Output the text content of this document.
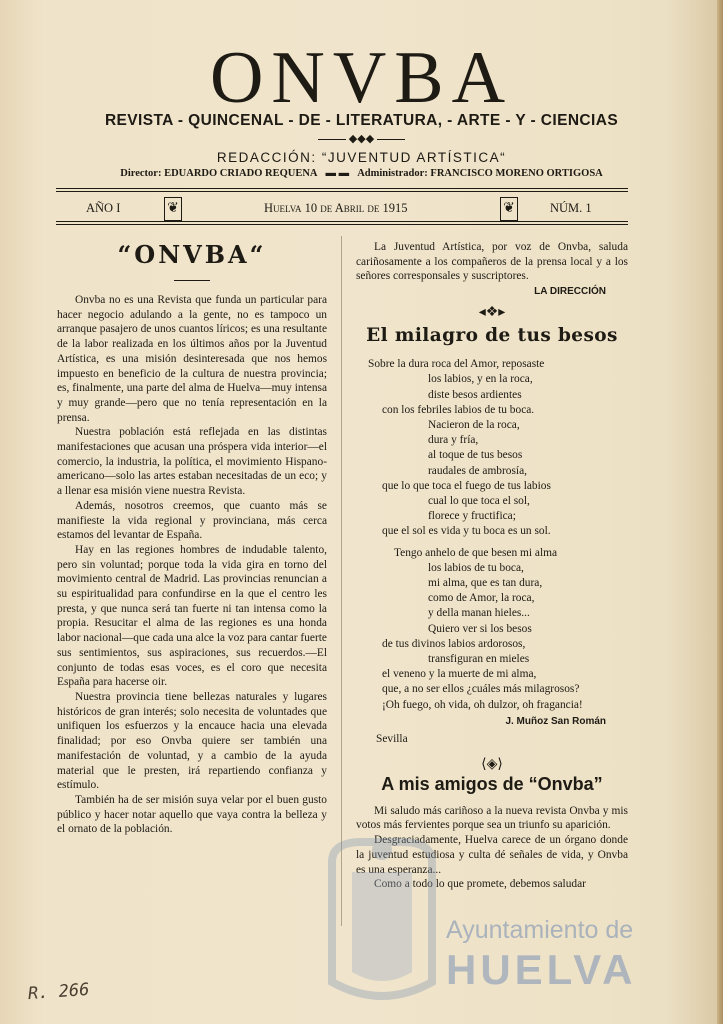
ONVBA
REVISTA - QUINCENAL - DE - LITERATURA, - ARTE - Y - CIENCIAS
◆◆◆
REDACCIÓN: “JUVENTUD ARTÍSTICA“
Director: EDUARDO CRIADO REQUENA ▬ ▬ Administrador: FRANCISCO MORENO ORTIGOSA
AÑO I	❦	Huelva 10 de Abril de 1915	❦	NÚM. 1
“ONVBA“

Onvba no es una Revista que funda un particular para hacer negocio adulando a la gente, no es tampoco un arranque pasajero de unos cuantos líricos; es una resultante de la labor realizada en los últimos años por la Juventud Artística, es una misión desinteresada que nos hemos impuesto en beneficio de la cultura de nuestra provincia; es, finalmente, una parte del alma de Huelva—muy intensa y muy grande—pero que no tenía representación en la prensa.

Nuestra población está reflejada en las distintas manifestaciones que acusan una próspera vida interior—el comercio, la industria, la política, el movimiento Hispano-americano—solo las artes estaban necesitadas de un eco; y a llenar esa misión viene nuestra Revista.

Además, nosotros creemos, que cuanto más se manifieste la vida regional y provinciana, más cerca estamos del levantar de España.

Hay en las regiones hombres de indudable talento, pero sin voluntad; porque toda la vida gira en torno del movimiento central de Madrid. Las provincias renuncian a su espiritualidad para confundirse en la que el centro les presta, y que nunca será tan fuerte ni tan intensa como la propia. Resucitar el alma de las regiones es una honda labor nacional—que cada una alce la voz para cantar fuerte sus sentimientos, sus aspiraciones, sus recuerdos.—El conjunto de todas esas voces, es el coro que necesita España para hacerse oir.

Nuestra provincia tiene bellezas naturales y lugares históricos de gran interés; solo necesita de voluntades que unifiquen los esfuerzos y la encauce hacia una elevada finalidad; por eso Onvba quiere ser también una manifestación de voluntad, y a cambio de la ayuda material que le presten, irá repartiendo confianza y estímulo.

También ha de ser misión suya velar por el buen gusto público y hacer notar aquello que vaya contra la belleza y el ornato de la población.

La Juventud Artística, por voz de Onvba, saluda cariñosamente a los compañeros de la prensa local y a los señores corresponsales y suscriptores.

LA DIRECCIÓN
◂❖▸
El milagro de tus besos
Sobre la dura roca del Amor, reposaste
los labios, y en la roca,
diste besos ardientes
con los febriles labios de tu boca.
Nacieron de la roca,
dura y fría,
al toque de tus besos
raudales de ambrosía,
que lo que toca el fuego de tus labios
cual lo que toca el sol,
florece y fructifica;
que el sol es vida y tu boca es un sol.
Tengo anhelo de que besen mi alma
los labios de tu boca,
mi alma, que es tan dura,
como de Amor, la roca,
y della manan hieles...
Quiero ver si los besos
de tus divinos labios ardorosos,
transfiguran en mieles
el veneno y la muerte de mi alma,
que, a no ser ellos ¿cuáles más milagrosos?
¡Oh fuego, oh vida, oh dulzor, oh fragancia!
J. Muñoz San Román
Sevilla
⟨◈⟩
A mis amigos de “Onvba”

Mi saludo más cariñoso a la nueva revista Onvba y mis votos más fervientes porque sea un triunfo su aparición.

Desgraciadamente, Huelva carece de un órgano donde la juventud estudiosa y culta dé señales de vida, y Onvba es una esperanza...

Como a todo lo que promete, debemos saludar

Ayuntamiento de
HUELVA
R. 266
